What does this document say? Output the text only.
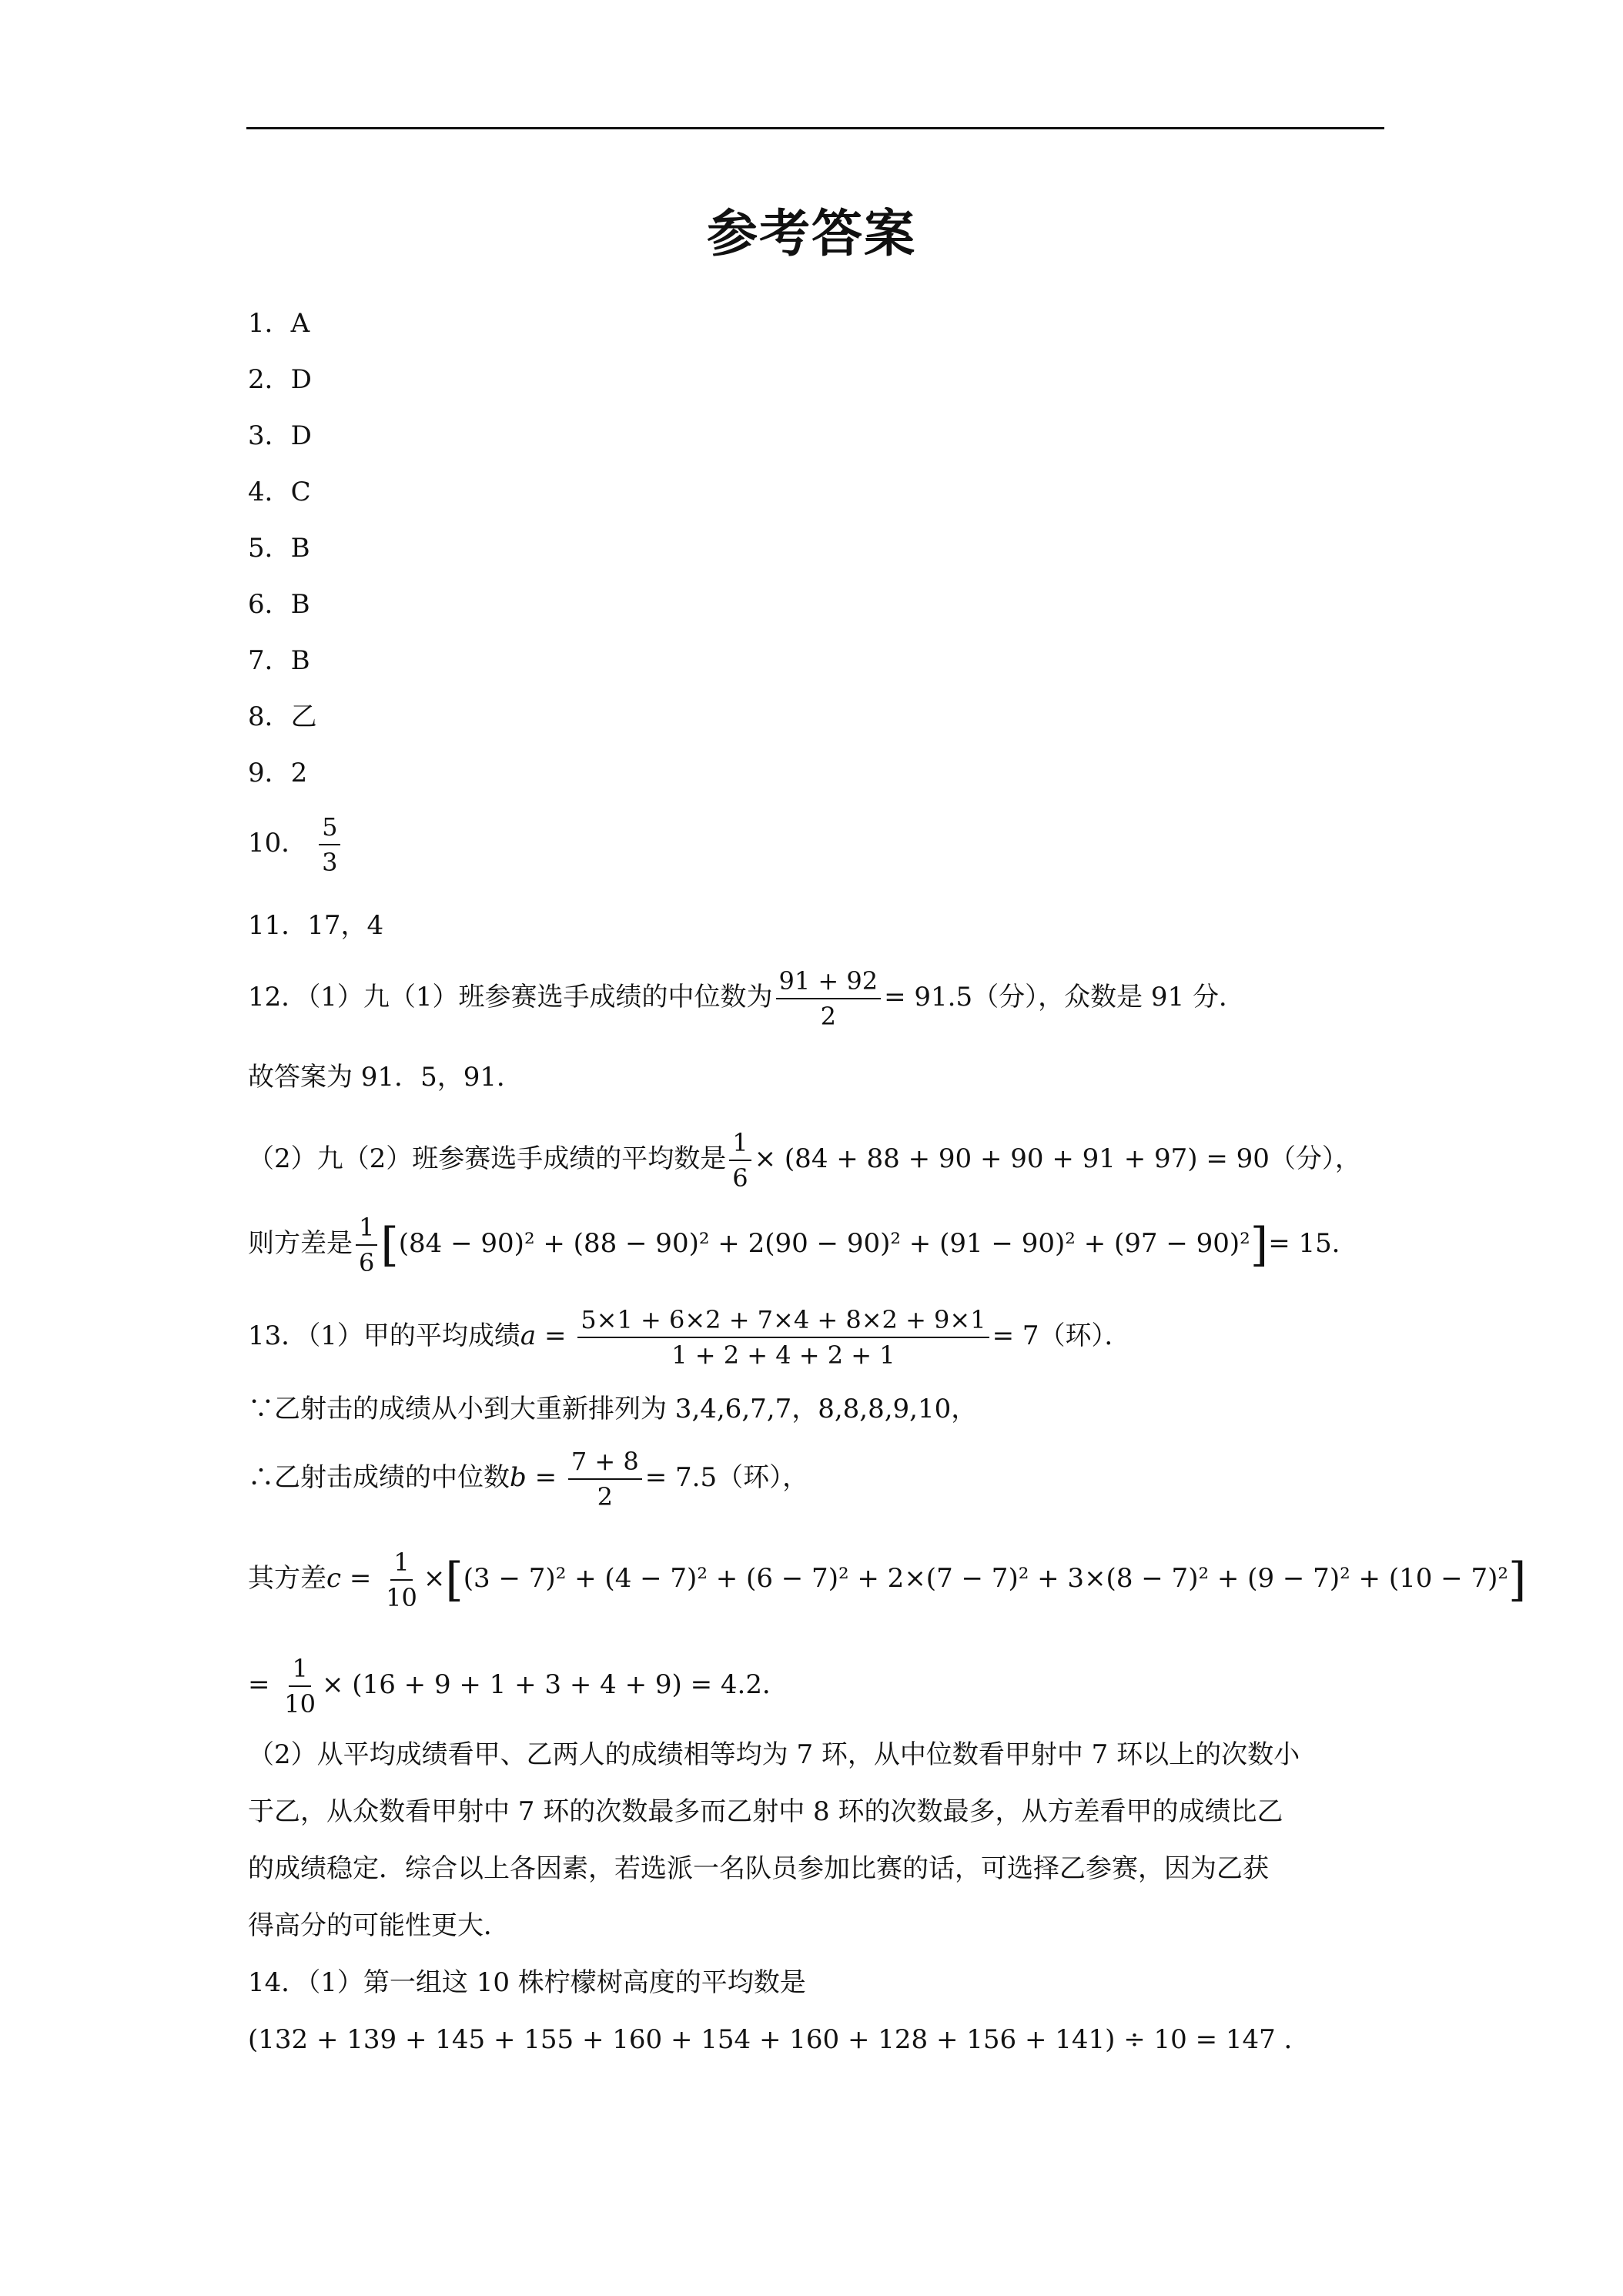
参考答案
1．A
2．D
3．D
4．C
5．B
6．B
7．B
8．乙
9．2
10． $\frac{5}{3}$
11．17，4
12．（1）九（1）班参赛选手成绩的中位数为 $\frac{91 + 92}{2} = 91.5$（分），众数是 91 分．
故答案为 91．5，91．
（2）九（2）班参赛选手成绩的平均数是 $\frac{1}{6} \times (84 + 88 + 90 + 90 + 91 + 97) = 90$（分），
则方差是 $\frac{1}{6} [(84 - 90)^2 + (88 - 90)^2 + 2(90 - 90)^2 + (91 - 90)^2 + (97 - 90)^2]= 15$．
13．（1）甲的平均成绩$a = \frac{5\times 1 + 6\times 2 + 7\times 4 + 8\times 2 + 9\times 1}{1 + 2 + 4 + 2 + 1} = 7$（环）．
∵乙射击的成绩从小到大重新排列为 3,4,6,7,7，8,8,8,9,10，
∴乙射击成绩的中位数$b = \frac{7 + 8}{2} = 7.5$（环），
其方差$c = \frac{1}{10} \times[(3 - 7)^2 + (4 - 7)^2 + (6 - 7)^2 + 2\times(7 - 7)^2 + 3\times(8 - 7)^2 + (9 - 7)^2 + (10 - 7)^2]$
= $\frac{1}{10} \times (16 + 9 + 1 + 3 + 4 + 9) = 4.2$．
（2）从平均成绩看甲、乙两人的成绩相等均为 7 环，从中位数看甲射中 7 环以上的次数小
于乙，从众数看甲射中 7 环的次数最多而乙射中 8 环的次数最多，从方差看甲的成绩比乙
的成绩稳定．综合以上各因素，若选派一名队员参加比赛的话，可选择乙参赛，因为乙获
得高分的可能性更大．
14．（1）第一组这 10 株柠檬树高度的平均数是
(132 + 139 + 145 + 155 + 160 + 154 + 160 + 128 + 156 + 141) ÷ 10 = 147 ．
